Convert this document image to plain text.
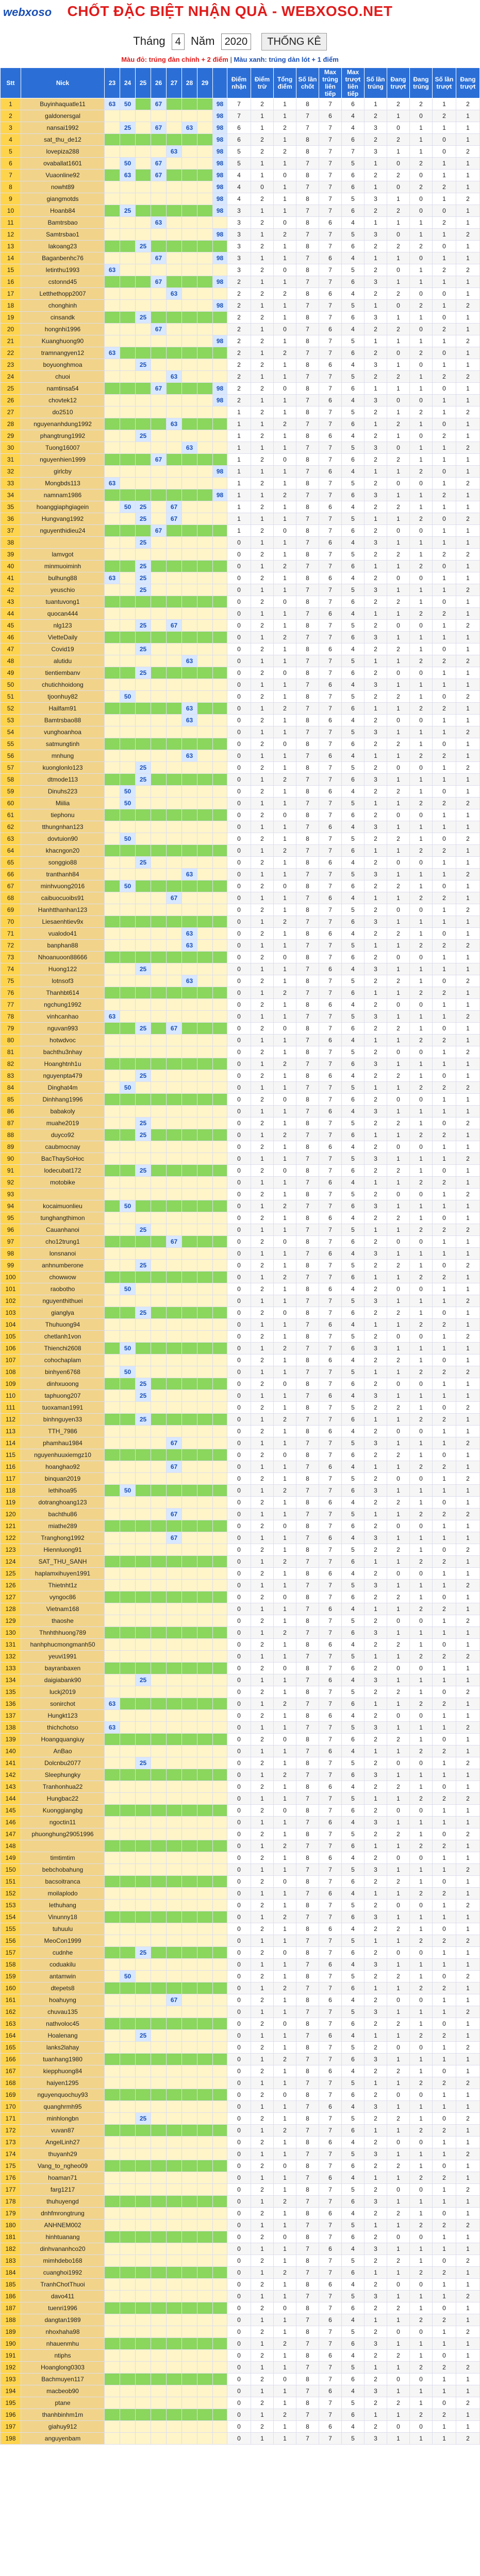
webxoso	CHỐT ĐẶC BIỆT NHẬN QUÀ - WEBXOSO.NET
Tháng 4 Năm 2020 THỐNG KÊ
Màu đỏ: trúng đàn chính + 2 điểm | Màu xanh: trúng dàn lót + 1 điểm
Stt	Nick	23	24	25	26	27	28	29		Điểm nhận	Điểm trừ	Tổng điểm	Số lần chốt	Max trúng liên tiếp	Max trượt liên tiếp	Số lần trúng	Đang trượt	Đang trúng	Số lần trượt	Đang trượt
1	Buyinhaquatle11	63	50		67				98	7	2	1	8	7	6	1	2	2	1	2
2	galdonersgal								98	7	1	1	7	6	4	2	1	0	2	1
3	nansai1992		25		67		63		98	6	1	2	7	7	4	3	0	1	1	1
4	sat_thu_de12								98	6	2	1	8	7	6	2	2	1	0	1
5	lovepiza288					63			98	5	2	2	8	7	7	3	1	1	0	2
6	ovaballat1601		50		67				98	5	1	1	7	7	5	1	0	2	1	1
7	Vuaonline92		63		67				98	4	1	0	8	7	6	2	2	0	1	1
8	nowht89								98	4	0	1	7	7	6	1	0	2	2	1
9	giangmotds								98	4	2	1	8	7	5	3	1	0	1	2
10	Hoanb84		25						98	3	1	1	7	7	6	2	2	0	0	1
11	Bamtrsbao				63					3	2	0	8	6	4	1	1	1	2	1
12	Samtrsbao1								98	3	1	2	7	7	5	3	0	1	1	2
13	lakoang23			25						3	2	1	8	7	6	2	2	2	0	1
14	Baganbenhc76				67				98	3	1	1	7	6	4	1	1	0	1	1
15	letinthu1993	63								3	2	0	8	7	5	2	0	1	2	2
16	cstonnd45				67				98	2	1	1	7	7	6	3	1	1	1	1
17	Letthethopp2007					63				2	2	2	8	6	4	2	2	0	0	1
18	chonghinh								98	2	1	1	7	7	5	1	0	2	1	2
19	cinsandk			25						2	2	1	8	7	6	3	1	1	0	1
20	hongnhi1996				67					2	1	0	7	6	4	2	2	0	2	1
21	Kuanghuong90								98	2	2	1	8	7	5	1	1	1	1	2
22	tramnangyen12	63								2	1	2	7	7	6	2	0	2	0	1
23	boyuonghmoa			25						2	2	1	8	6	4	3	1	0	1	1
24	chuoi					63				2	1	1	7	7	5	2	2	1	2	2
25	namtinsa54				67				98	2	2	0	8	7	6	1	1	1	0	1
26	chovtek12								98	2	1	1	7	6	4	3	0	0	1	1
27	do2510									1	2	1	8	7	5	2	1	2	1	2
28	nguyenanhdung1992					63				1	1	2	7	7	6	1	2	1	0	1
29	phangtrung1992			25						1	2	1	8	6	4	2	1	0	2	1
30	Tuong16007						63			1	1	1	7	7	5	3	0	1	1	2
31	nguyenhien1999				67					1	2	0	8	7	6	2	2	1	1	1
32	girlcby								98	1	1	1	7	6	4	1	1	2	0	1
33	Mongbds113	63								1	2	1	8	7	5	2	0	0	1	2
34	namnam1986								98	1	1	2	7	7	6	3	1	1	2	1
35	hoanggiaphgiagein		50	25		67				1	2	1	8	6	4	2	2	1	1	1
36	Hungvang1992			25		67				1	1	1	7	7	5	1	1	2	0	2
37	nguyenthidieu24				67					1	2	0	8	7	6	2	0	0	1	1
38				25						0	1	1	7	6	4	3	1	1	1	1
39	lamvgot									0	2	1	8	7	5	2	2	1	2	2
40	minmuoiminh			25						0	1	2	7	7	6	1	1	2	0	1
41	bulhung88	63		25						0	2	1	8	6	4	2	0	0	1	1
42	yeuschio			25						0	1	1	7	7	5	3	1	1	1	2
43	tuantuvong1									0	2	0	8	7	6	2	2	1	0	1
44	quocan444									0	1	1	7	6	4	1	1	2	2	1
45	nlg123			25		67				0	2	1	8	7	5	2	0	0	1	2
46	VietteDaily									0	1	2	7	7	6	3	1	1	1	1
47	Covid19			25						0	2	1	8	6	4	2	2	1	0	1
48	alutidu						63			0	1	1	7	7	5	1	1	2	2	2
49	tientiembanv			25						0	2	0	8	7	6	2	0	0	1	1
50	chutichhoidong									0	1	1	7	6	4	3	1	1	1	1
51	tjoonhuy82		50							0	2	1	8	7	5	2	2	1	0	2
52	Hailfam91						63			0	1	2	7	7	6	1	1	2	2	1
53	Bamtrsbao88						63			0	2	1	8	6	4	2	0	0	1	1
54	vunghoanhoa									0	1	1	7	7	5	3	1	1	1	2
55	satmungtinh									0	2	0	8	7	6	2	2	1	0	1
56	mnhung						63			0	1	1	7	6	4	1	1	2	2	1
57	kuonglonlo123			25						0	2	1	8	7	5	2	0	0	1	2
58	dtmode113			25						0	1	2	7	7	6	3	1	1	1	1
59	Dinuhs223		50							0	2	1	8	6	4	2	2	1	0	1
60	Miilia		50							0	1	1	7	7	5	1	1	2	2	2
61	tiephonu									0	2	0	8	7	6	2	0	0	1	1
62	tthungnhan123									0	1	1	7	6	4	3	1	1	1	1
63	dovtuion90		50							0	2	1	8	7	5	2	2	1	0	2
64	khacngon20									0	1	2	7	7	6	1	1	2	2	1
65	songgio88			25						0	2	1	8	6	4	2	0	0	1	1
66	tranthanh84						63			0	1	1	7	7	5	3	1	1	1	2
67	minhvuong2016		50							0	2	0	8	7	6	2	2	1	0	1
68	caibuocuoibs91					67				0	1	1	7	6	4	1	1	2	2	1
69	Hanhtthanhan123									0	2	1	8	7	5	2	0	0	1	2
70	Liesaenhtiev9x									0	1	2	7	7	6	3	1	1	1	1
71	vualodo41						63			0	2	1	8	6	4	2	2	1	0	1
72	banphan88						63			0	1	1	7	7	5	1	1	2	2	2
73	Nhoanuoon88666									0	2	0	8	7	6	2	0	0	1	1
74	Huong122			25						0	1	1	7	6	4	3	1	1	1	1
75	lotnsof3						63			0	2	1	8	7	5	2	2	1	0	2
76	Thanhbt614									0	1	2	7	7	6	1	1	2	2	1
77	ngchung1992									0	2	1	8	6	4	2	0	0	1	1
78	vinhcanhao	63								0	1	1	7	7	5	3	1	1	1	2
79	nguvan993			25		67				0	2	0	8	7	6	2	2	1	0	1
80	hotwdvoc									0	1	1	7	6	4	1	1	2	2	1
81	bachthu3nhay									0	2	1	8	7	5	2	0	0	1	2
82	Hoanghtnh1u									0	1	2	7	7	6	3	1	1	1	1
83	nguyenpta479			25						0	2	1	8	6	4	2	2	1	0	1
84	Dinghat4m		50							0	1	1	7	7	5	1	1	2	2	2
85	Dinhhang1996									0	2	0	8	7	6	2	0	0	1	1
86	babakoly									0	1	1	7	6	4	3	1	1	1	1
87	muahe2019			25						0	2	1	8	7	5	2	2	1	0	2
88	duyco92			25						0	1	2	7	7	6	1	1	2	2	1
89	caubmocnay									0	2	1	8	6	4	2	0	0	1	1
90	BacThaySoHoc									0	1	1	7	7	5	3	1	1	1	2
91	lodecubat172			25						0	2	0	8	7	6	2	2	1	0	1
92	motobike									0	1	1	7	6	4	1	1	2	2	1
93										0	2	1	8	7	5	2	0	0	1	2
94	kocaimuonlieu		50							0	1	2	7	7	6	3	1	1	1	1
95	tunghangthimon									0	2	1	8	6	4	2	2	1	0	1
96	Cauanhanoi			25						0	1	1	7	7	5	1	1	2	2	2
97	cho12trung1					67				0	2	0	8	7	6	2	0	0	1	1
98	lonsnanoi									0	1	1	7	6	4	3	1	1	1	1
99	anhnumberone			25						0	2	1	8	7	5	2	2	1	0	2
100	chowwow									0	1	2	7	7	6	1	1	2	2	1
101	raobotho		50							0	2	1	8	6	4	2	0	0	1	1
102	nguyenthithuei									0	1	1	7	7	5	3	1	1	1	2
103	gianglya			25						0	2	0	8	7	6	2	2	1	0	1
104	Thuhuong94									0	1	1	7	6	4	1	1	2	2	1
105	chetlanh1von									0	2	1	8	7	5	2	0	0	1	2
106	Thienchi2608		50							0	1	2	7	7	6	3	1	1	1	1
107	cohochaplam									0	2	1	8	6	4	2	2	1	0	1
108	binhyen6768		50							0	1	1	7	7	5	1	1	2	2	2
109	dinhxuoong			25						0	2	0	8	7	6	2	0	0	1	1
110	taphuong207			25						0	1	1	7	6	4	3	1	1	1	1
111	tuoxaman1991									0	2	1	8	7	5	2	2	1	0	2
112	binhnguyen33			25						0	1	2	7	7	6	1	1	2	2	1
113	TTH_7986									0	2	1	8	6	4	2	0	0	1	1
114	phamhau1984					67				0	1	1	7	7	5	3	1	1	1	2
115	nguyenhuuxiemgz10									0	2	0	8	7	6	2	2	1	0	1
116	hoanghao92					67				0	1	1	7	6	4	1	1	2	2	1
117	binquan2019									0	2	1	8	7	5	2	0	0	1	2
118	lethihoa95		50							0	1	2	7	7	6	3	1	1	1	1
119	dotranghoang123									0	2	1	8	6	4	2	2	1	0	1
120	bachthu86					67				0	1	1	7	7	5	1	1	2	2	2
121	miathe289									0	2	0	8	7	6	2	0	0	1	1
122	Tranghong1992					67				0	1	1	7	6	4	3	1	1	1	1
123	Hiennluong91									0	2	1	8	7	5	2	2	1	0	2
124	SAT_THU_SANH									0	1	2	7	7	6	1	1	2	2	1
125	haplamxihuyen1991									0	2	1	8	6	4	2	0	0	1	1
126	Thietnht1z									0	1	1	7	7	5	3	1	1	1	2
127	vyngoc86									0	2	0	8	7	6	2	2	1	0	1
128	Vietnam168									0	1	1	7	6	4	1	1	2	2	1
129	thaoshe									0	2	1	8	7	5	2	0	0	1	2
130	Thnhthhuong789									0	1	2	7	7	6	3	1	1	1	1
131	hanhphucmongmanh50									0	2	1	8	6	4	2	2	1	0	1
132	yeuvi1991									0	1	1	7	7	5	1	1	2	2	2
133	bayranbaxen									0	2	0	8	7	6	2	0	0	1	1
134	daigiabank90			25						0	1	1	7	6	4	3	1	1	1	1
135	luckj2019									0	2	1	8	7	5	2	2	1	0	2
136	sonirchot	63								0	1	2	7	7	6	1	1	2	2	1
137	Hungkt123									0	2	1	8	6	4	2	0	0	1	1
138	thichchotso	63								0	1	1	7	7	5	3	1	1	1	2
139	Hoangquangiuy									0	2	0	8	7	6	2	2	1	0	1
140	AnBao									0	1	1	7	6	4	1	1	2	2	1
141	Dolcnbu2077			25						0	2	1	8	7	5	2	0	0	1	2
142	Sleephungky									0	1	2	7	7	6	3	1	1	1	1
143	Tranhonhua22									0	2	1	8	6	4	2	2	1	0	1
144	Hungbac22									0	1	1	7	7	5	1	1	2	2	2
145	Kuonggiangbg									0	2	0	8	7	6	2	0	0	1	1
146	ngoctin11									0	1	1	7	6	4	3	1	1	1	1
147	phuonghung29051996									0	2	1	8	7	5	2	2	1	0	2
148										0	1	2	7	7	6	1	1	2	2	1
149	timtimtim									0	2	1	8	6	4	2	0	0	1	1
150	bebchobahung									0	1	1	7	7	5	3	1	1	1	2
151	bacsoitranca									0	2	0	8	7	6	2	2	1	0	1
152	moilaplodo									0	1	1	7	6	4	1	1	2	2	1
153	lethuhang									0	2	1	8	7	5	2	0	0	1	2
154	Vinunny18									0	1	2	7	7	6	3	1	1	1	1
155	tuhuulu									0	2	1	8	6	4	2	2	1	0	1
156	MeoCon1999									0	1	1	7	7	5	1	1	2	2	2
157	cudnhe			25						0	2	0	8	7	6	2	0	0	1	1
158	coduakilu									0	1	1	7	6	4	3	1	1	1	1
159	antamwin		50							0	2	1	8	7	5	2	2	1	0	2
160	dtepets8									0	1	2	7	7	6	1	1	2	2	1
161	hoahuyng					67				0	2	1	8	6	4	2	0	0	1	1
162	chuvau135									0	1	1	7	7	5	3	1	1	1	2
163	nathvoloc45									0	2	0	8	7	6	2	2	1	0	1
164	Hoalenang			25						0	1	1	7	6	4	1	1	2	2	1
165	lanks2lahay									0	2	1	8	7	5	2	0	0	1	2
166	tuanhang1980									0	1	2	7	7	6	3	1	1	1	1
167	kiepphuong84									0	2	1	8	6	4	2	2	1	0	1
168	haiyen1295									0	1	1	7	7	5	1	1	2	2	2
169	nguyenquochuy93									0	2	0	8	7	6	2	0	0	1	1
170	quanghrmh95									0	1	1	7	6	4	3	1	1	1	1
171	minhlongbn			25						0	2	1	8	7	5	2	2	1	0	2
172	vuvan87									0	1	2	7	7	6	1	1	2	2	1
173	AngelLinh27									0	2	1	8	6	4	2	0	0	1	1
174	thuyanh29									0	1	1	7	7	5	3	1	1	1	2
175	Vang_to_ngheo09									0	2	0	8	7	6	2	2	1	0	1
176	hoaman71									0	1	1	7	6	4	1	1	2	2	1
177	farg1217									0	2	1	8	7	5	2	0	0	1	2
178	thuhuyengd									0	1	2	7	7	6	3	1	1	1	1
179	dnhfmrongtrung									0	2	1	8	6	4	2	2	1	0	1
180	ANHNEM002									0	1	1	7	7	5	1	1	2	2	2
181	hinhtuanang									0	2	0	8	7	6	2	0	0	1	1
182	dinhvananhco20									0	1	1	7	6	4	3	1	1	1	1
183	mimhdebo168									0	2	1	8	7	5	2	2	1	0	2
184	cuanghoi1992									0	1	2	7	7	6	1	1	2	2	1
185	TranhChotThuoi									0	2	1	8	6	4	2	0	0	1	1
186	davo411									0	1	1	7	7	5	3	1	1	1	2
187	tuenri1996									0	2	0	8	7	6	2	2	1	0	1
188	dangtan1989									0	1	1	7	6	4	1	1	2	2	1
189	nhoxhaha98									0	2	1	8	7	5	2	0	0	1	2
190	nhauenmhu									0	1	2	7	7	6	3	1	1	1	1
191	ntiphs									0	2	1	8	6	4	2	2	1	0	1
192	Hoanglong0303									0	1	1	7	7	5	1	1	2	2	2
193	Bachmuyen117									0	2	0	8	7	6	2	0	0	1	1
194	macbeob90									0	1	1	7	6	4	3	1	1	1	1
195	ptane									0	2	1	8	7	5	2	2	1	0	2
196	thanhbinhm1m									0	1	2	7	7	6	1	1	2	2	1
197	giahuy912									0	2	1	8	6	4	2	0	0	1	1
198	anguyenbam									0	1	1	7	7	5	3	1	1	1	2
